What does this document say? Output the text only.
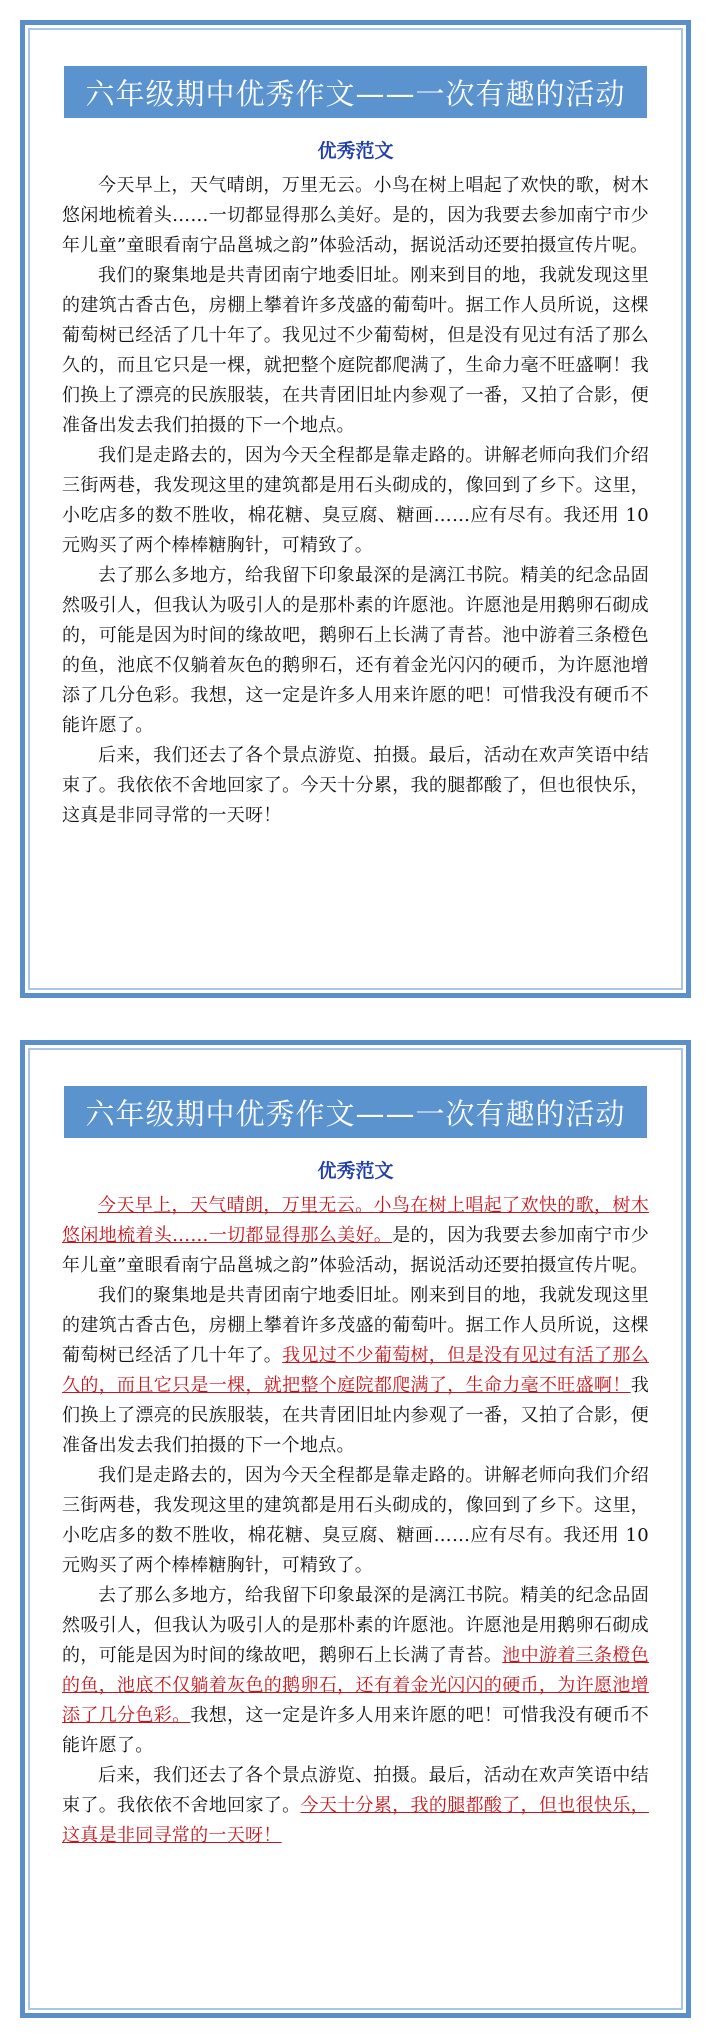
六年级期中优秀作文——一次有趣的活动
优秀范文

今天早上，天气晴朗，万里无云。小鸟在树上唱起了欢快的歌，树木悠闲地梳着头……一切都显得那么美好。是的，因为我要去参加南宁市少年儿童”童眼看南宁品邕城之韵”体验活动，据说活动还要拍摄宣传片呢。

我们的聚集地是共青团南宁地委旧址。刚来到目的地，我就发现这里的建筑古香古色，房棚上攀着许多茂盛的葡萄叶。据工作人员所说，这棵葡萄树已经活了几十年了。我见过不少葡萄树，但是没有见过有活了那么久的，而且它只是一棵，就把整个庭院都爬满了，生命力毫不旺盛啊！我们换上了漂亮的民族服装，在共青团旧址内参观了一番，又拍了合影，便准备出发去我们拍摄的下一个地点。

我们是走路去的，因为今天全程都是靠走路的。讲解老师向我们介绍三街两巷，我发现这里的建筑都是用石头砌成的，像回到了乡下。这里，小吃店多的数不胜收，棉花糖、臭豆腐、糖画……应有尽有。我还用 10 元购买了两个棒棒糖胸针，可精致了。

去了那么多地方，给我留下印象最深的是漓江书院。精美的纪念品固然吸引人，但我认为吸引人的是那朴素的许愿池。许愿池是用鹅卵石砌成的，可能是因为时间的缘故吧，鹅卵石上长满了青苔。池中游着三条橙色的鱼，池底不仅躺着灰色的鹅卵石，还有着金光闪闪的硬币，为许愿池增添了几分色彩。我想，这一定是许多人用来许愿的吧！可惜我没有硬币不能许愿了。

后来，我们还去了各个景点游览、拍摄。最后，活动在欢声笑语中结束了。我依依不舍地回家了。今天十分累，我的腿都酸了，但也很快乐，这真是非同寻常的一天呀！

六年级期中优秀作文——一次有趣的活动
优秀范文

今天早上，天气晴朗，万里无云。小鸟在树上唱起了欢快的歌，树木悠闲地梳着头……一切都显得那么美好。是的，因为我要去参加南宁市少年儿童”童眼看南宁品邕城之韵”体验活动，据说活动还要拍摄宣传片呢。

我们的聚集地是共青团南宁地委旧址。刚来到目的地，我就发现这里的建筑古香古色，房棚上攀着许多茂盛的葡萄叶。据工作人员所说，这棵葡萄树已经活了几十年了。我见过不少葡萄树，但是没有见过有活了那么久的，而且它只是一棵，就把整个庭院都爬满了，生命力毫不旺盛啊！我们换上了漂亮的民族服装，在共青团旧址内参观了一番，又拍了合影，便准备出发去我们拍摄的下一个地点。

我们是走路去的，因为今天全程都是靠走路的。讲解老师向我们介绍三街两巷，我发现这里的建筑都是用石头砌成的，像回到了乡下。这里，小吃店多的数不胜收，棉花糖、臭豆腐、糖画……应有尽有。我还用 10 元购买了两个棒棒糖胸针，可精致了。

去了那么多地方，给我留下印象最深的是漓江书院。精美的纪念品固然吸引人，但我认为吸引人的是那朴素的许愿池。许愿池是用鹅卵石砌成的，可能是因为时间的缘故吧，鹅卵石上长满了青苔。池中游着三条橙色的鱼，池底不仅躺着灰色的鹅卵石，还有着金光闪闪的硬币，为许愿池增添了几分色彩。我想，这一定是许多人用来许愿的吧！可惜我没有硬币不能许愿了。

后来，我们还去了各个景点游览、拍摄。最后，活动在欢声笑语中结束了。我依依不舍地回家了。今天十分累，我的腿都酸了，但也很快乐，这真是非同寻常的一天呀！
